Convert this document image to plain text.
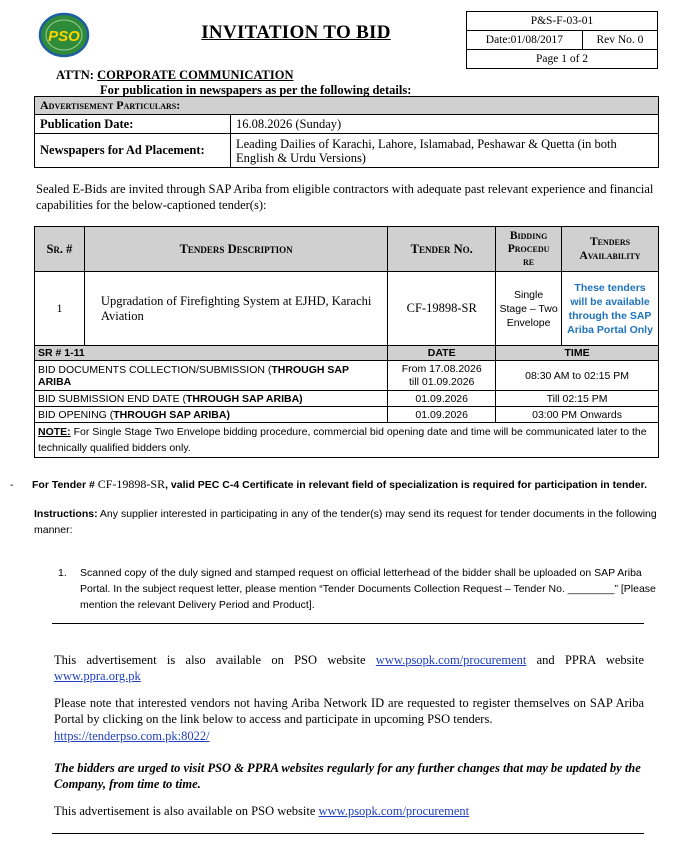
PSO	INVITATION TO BID
P&S-F-03-01
Date:01/08/2017	Rev No. 0
Page 1 of 2
ATTN: CORPORATE COMMUNICATION
For publication in newspapers as per the following details:
Advertisement Particulars:	
Publication Date:	16.08.2026 (Sunday)
Newspapers for Ad Placement:	Leading Dailies of Karachi, Lahore, Islamabad, Peshawar & Quetta (in both English & Urdu Versions)
Sealed E-Bids are invited through SAP Ariba from eligible contractors with adequate past relevant experience and financial capabilities for the below-captioned tender(s):
Sr. #	Tenders Description	Tender No.	Bidding
Procedu
re	Tenders Availability
1	Upgradation of Firefighting System at EJHD, Karachi Aviation	CF-19898-SR	Single Stage – Two Envelope	These tenders will be available through the SAP Ariba Portal Only
SR # 1-11		DATE	TIME	
BID DOCUMENTS COLLECTION/SUBMISSION (THROUGH SAP ARIBA		From 17.08.2026
till 01.09.2026	08:30 AM to 02:15 PM	
BID SUBMISSION END DATE (THROUGH SAP ARIBA)		01.09.2026	Till 02:15 PM	
BID OPENING (THROUGH SAP ARIBA)		01.09.2026	03:00 PM Onwards	
NOTE: For Single Stage Two Envelope bidding procedure, commercial bid opening date and time will be communicated later to the technically qualified bidders only.				
- For Tender # CF-19898-SR, valid PEC C-4 Certificate in relevant field of specialization is required for participation in tender.
Instructions: Any supplier interested in participating in any of the tender(s) may send its request for tender documents in the following manner:
1. Scanned copy of the duly signed and stamped request on official letterhead of the bidder shall be uploaded on SAP Ariba Portal. In the subject request letter, please mention “Tender Documents Collection Request – Tender No. ________” [Please mention the relevant Delivery Period and Product].
This advertisement is also available on PSO website www.psopk.com/procurement and PPRA website www.ppra.org.pk
Please note that interested vendors not having Ariba Network ID are requested to register themselves on SAP Ariba Portal by clicking on the link below to access and participate in upcoming PSO tenders.
https://tenderpso.com.pk:8022/
The bidders are urged to visit PSO & PPRA websites regularly for any further changes that may be updated by the Company, from time to time.
This advertisement is also available on PSO website www.psopk.com/procurement
